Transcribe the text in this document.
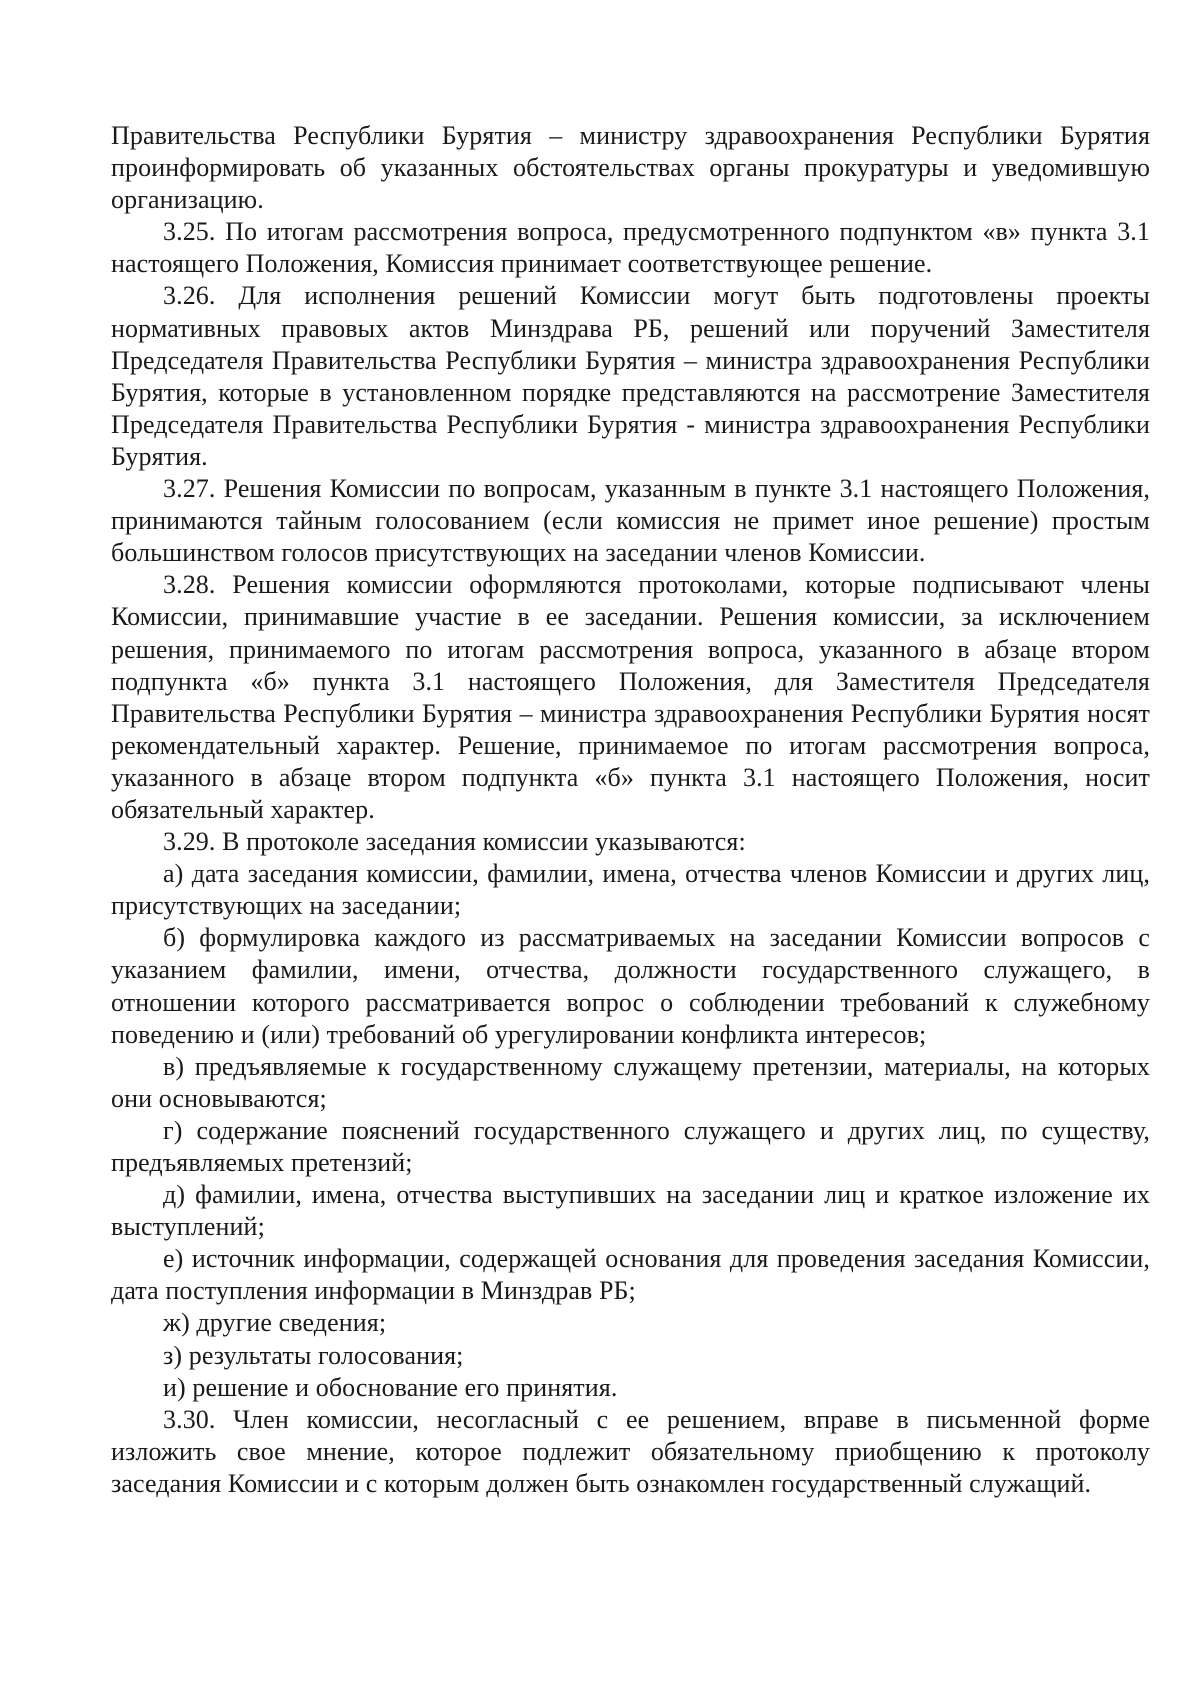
Правительства Республики Бурятия – министру здравоохранения Республики Бурятия проинформировать об указанных обстоятельствах органы прокуратуры и уведомившую организацию.

3.25. По итогам рассмотрения вопроса, предусмотренного подпунктом «в» пункта 3.1 настоящего Положения, Комиссия принимает соответствующее решение.

3.26. Для исполнения решений Комиссии могут быть подготовлены проекты нормативных правовых актов Минздрава РБ, решений или поручений Заместителя Председателя Правительства Республики Бурятия – министра здравоохранения Республики Бурятия, которые в установленном порядке представляются на рассмотрение Заместителя Председателя Правительства Республики Бурятия - министра здравоохранения Республики Бурятия.

3.27. Решения Комиссии по вопросам, указанным в пункте 3.1 настоящего Положения, принимаются тайным голосованием (если комиссия не примет иное решение) простым большинством голосов присутствующих на заседании членов Комиссии.

3.28. Решения комиссии оформляются протоколами, которые подписывают члены Комиссии, принимавшие участие в ее заседании. Решения комиссии, за исключением решения, принимаемого по итогам рассмотрения вопроса, указанного в абзаце втором подпункта «б» пункта 3.1 настоящего Положения, для Заместителя Председателя Правительства Республики Бурятия – министра здравоохранения Республики Бурятия носят рекомендательный характер. Решение, принимаемое по итогам рассмотрения вопроса, указанного в абзаце втором подпункта «б» пункта 3.1 настоящего Положения, носит обязательный характер.

3.29. В протоколе заседания комиссии указываются:

а) дата заседания комиссии, фамилии, имена, отчества членов Комиссии и других лиц, присутствующих на заседании;

б) формулировка каждого из рассматриваемых на заседании Комиссии вопросов с указанием фамилии, имени, отчества, должности государственного служащего, в отношении которого рассматривается вопрос о соблюдении требований к служебному поведению и (или) требований об урегулировании конфликта интересов;

в) предъявляемые к государственному служащему претензии, материалы, на которых они основываются;

г) содержание пояснений государственного служащего и других лиц, по существу, предъявляемых претензий;

д) фамилии, имена, отчества выступивших на заседании лиц и краткое изложение их выступлений;

е) источник информации, содержащей основания для проведения заседания Комиссии, дата поступления информации в Минздрав РБ;

ж) другие сведения;

з) результаты голосования;

и) решение и обоснование его принятия.

3.30. Член комиссии, несогласный с ее решением, вправе в письменной форме изложить свое мнение, которое подлежит обязательному приобщению к протоколу заседания Комиссии и с которым должен быть ознакомлен государственный служащий.
